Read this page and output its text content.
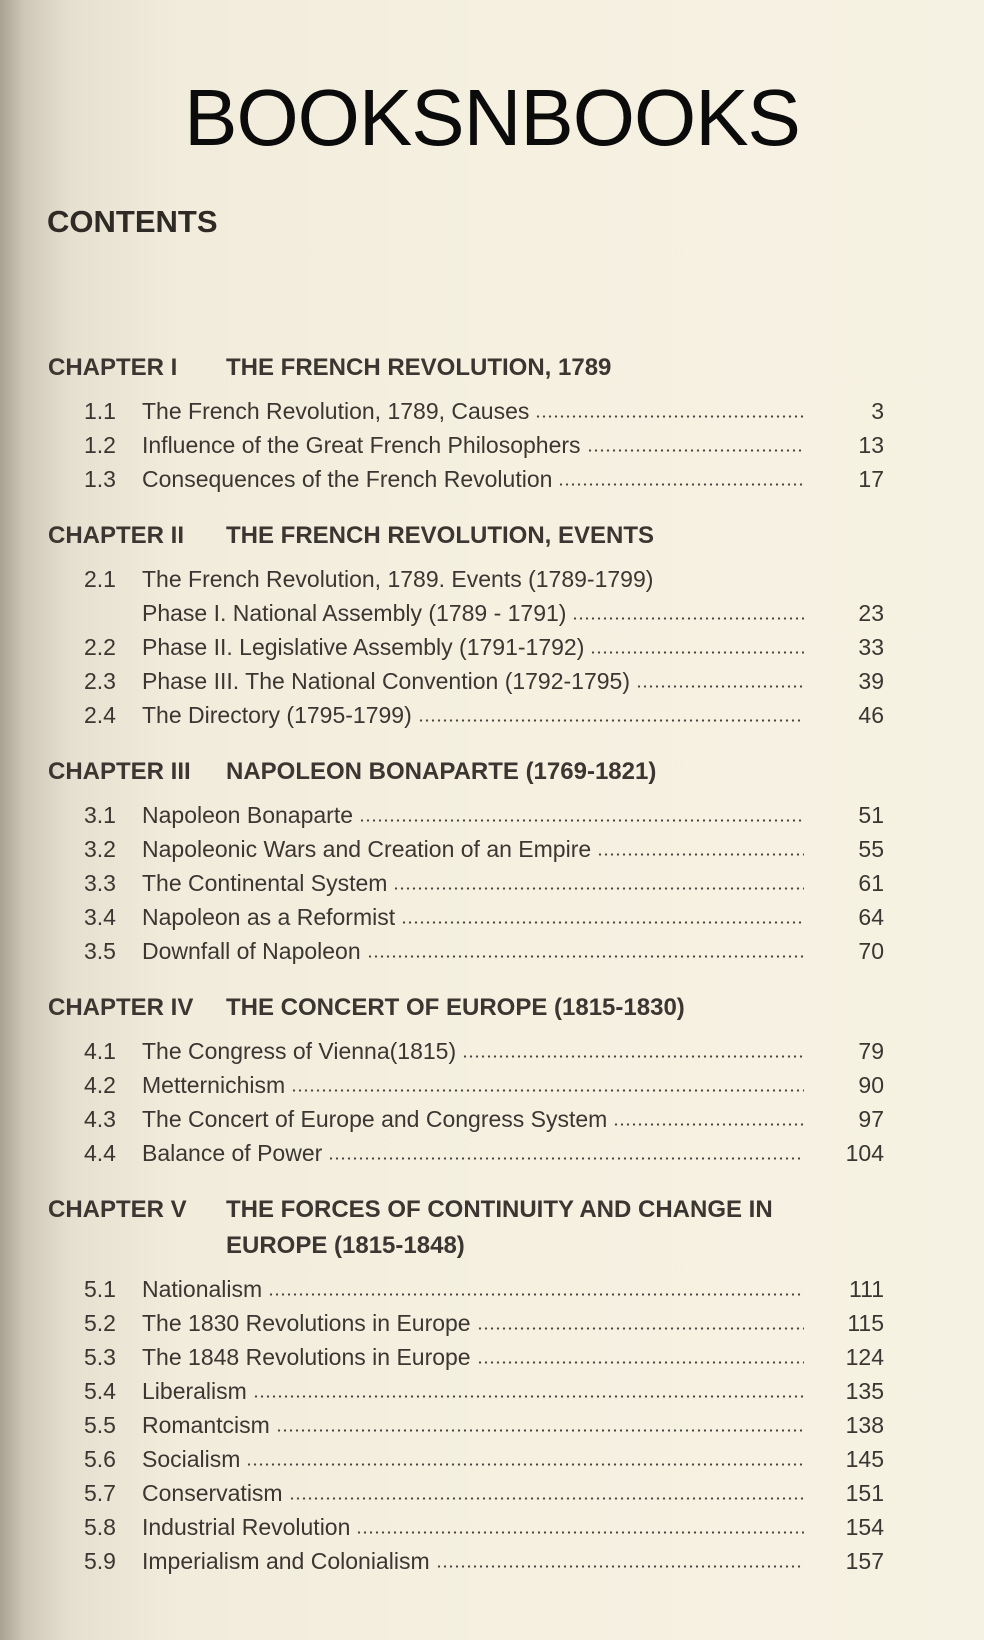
BOOKSNBOOKS
CONTENTS
CHAPTER I	THE FRENCH REVOLUTION, 1789
1.1	The French Revolution, 1789, Causes	3
1.2	Influence of the Great French Philosophers	13
1.3	Consequences of the French Revolution	17
CHAPTER II	THE FRENCH REVOLUTION, EVENTS
2.1	The French Revolution, 1789. Events (1789-1799)
Phase I. National Assembly (1789 - 1791)	23
2.2	Phase II. Legislative Assembly (1791-1792)	33
2.3	Phase III. The National Convention (1792-1795)	39
2.4	The Directory (1795-1799)	46
CHAPTER III	NAPOLEON BONAPARTE (1769-1821)
3.1	Napoleon Bonaparte	51
3.2	Napoleonic Wars and Creation of an Empire	55
3.3	The Continental System	61
3.4	Napoleon as a Reformist	64
3.5	Downfall of Napoleon	70
CHAPTER IV	THE CONCERT OF EUROPE (1815-1830)
4.1	The Congress of Vienna(1815)	79
4.2	Metternichism	90
4.3	The Concert of Europe and Congress System	97
4.4	Balance of Power	104
CHAPTER V	THE FORCES OF CONTINUITY AND CHANGE IN EUROPE (1815-1848)
5.1	Nationalism	111
5.2	The 1830 Revolutions in Europe	115
5.3	The 1848 Revolutions in Europe	124
5.4	Liberalism	135
5.5	Romantcism	138
5.6	Socialism	145
5.7	Conservatism	151
5.8	Industrial Revolution	154
5.9	Imperialism and Colonialism	157
